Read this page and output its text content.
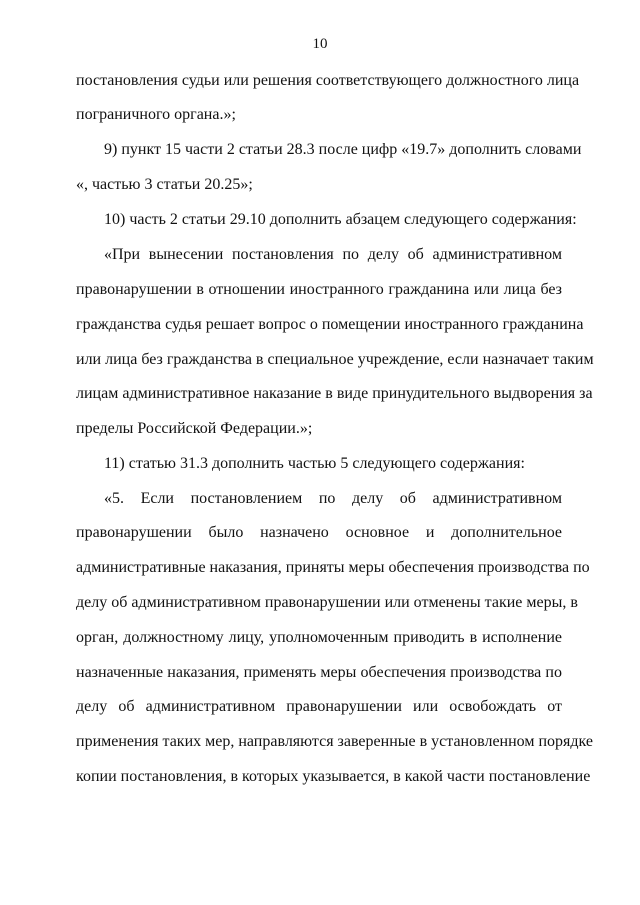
10
постановления судьи или решения соответствующего должностного лица
пограничного органа.»;
9) пункт 15 части 2 статьи 28.3 после цифр «19.7» дополнить словами
«, частью 3 статьи 20.25»;
10) часть 2 статьи 29.10 дополнить абзацем следующего содержания:
«При вынесении постановления по делу об административном
правонарушении в отношении иностранного гражданина или лица без
гражданства судья решает вопрос о помещении иностранного гражданина
или лица без гражданства в специальное учреждение, если назначает таким
лицам административное наказание в виде принудительного выдворения за
пределы Российской Федерации.»;
11) статью 31.3 дополнить частью 5 следующего содержания:
«5. Если постановлением по делу об административном
правонарушении было назначено основное и дополнительное
административные наказания, приняты меры обеспечения производства по
делу об административном правонарушении или отменены такие меры, в
орган, должностному лицу, уполномоченным приводить в исполнение
назначенные наказания, применять меры обеспечения производства по
делу об административном правонарушении или освобождать от
применения таких мер, направляются заверенные в установленном порядке
копии постановления, в которых указывается, в какой части постановление
